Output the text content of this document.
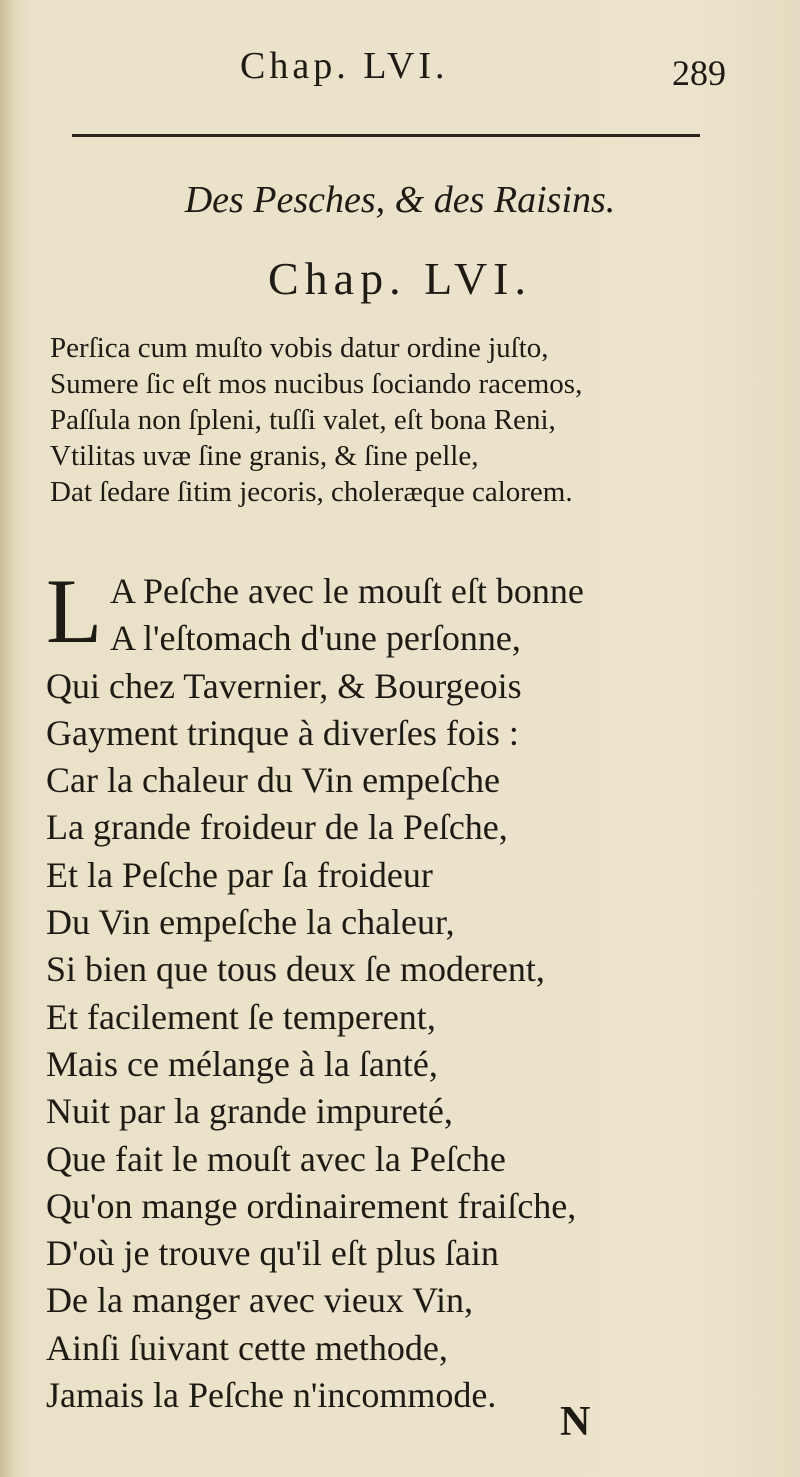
Chap. LVI.	289
Des Pesches, & des Raisins.
Chap. LVI.
Perſica cum muſto vobis datur ordine juſto,
Sumere ſic eſt mos nucibus ſociando racemos,
Paſſula non ſpleni, tuſſi valet, eſt bona Reni,
Vtilitas uvæ ſine granis, & ſine pelle,
Dat ſedare ſitim jecoris, choleræque calorem.
L A Peſche avec le mouſt eſt bonne
A l'eſtomach d'une perſonne,
Qui chez Tavernier, & Bourgeois
Gayment trinque à diverſes fois :
Car la chaleur du Vin empeſche
La grande froideur de la Peſche,
Et la Peſche par ſa froideur
Du Vin empeſche la chaleur,
Si bien que tous deux ſe moderent,
Et facilement ſe temperent,
Mais ce mélange à la ſanté,
Nuit par la grande impureté,
Que fait le mouſt avec la Peſche
Qu'on mange ordinairement fraiſche,
D'où je trouve qu'il eſt plus ſain
De la manger avec vieux Vin,
Ainſi ſuivant cette methode,
Jamais la Peſche n'incommode.
N
